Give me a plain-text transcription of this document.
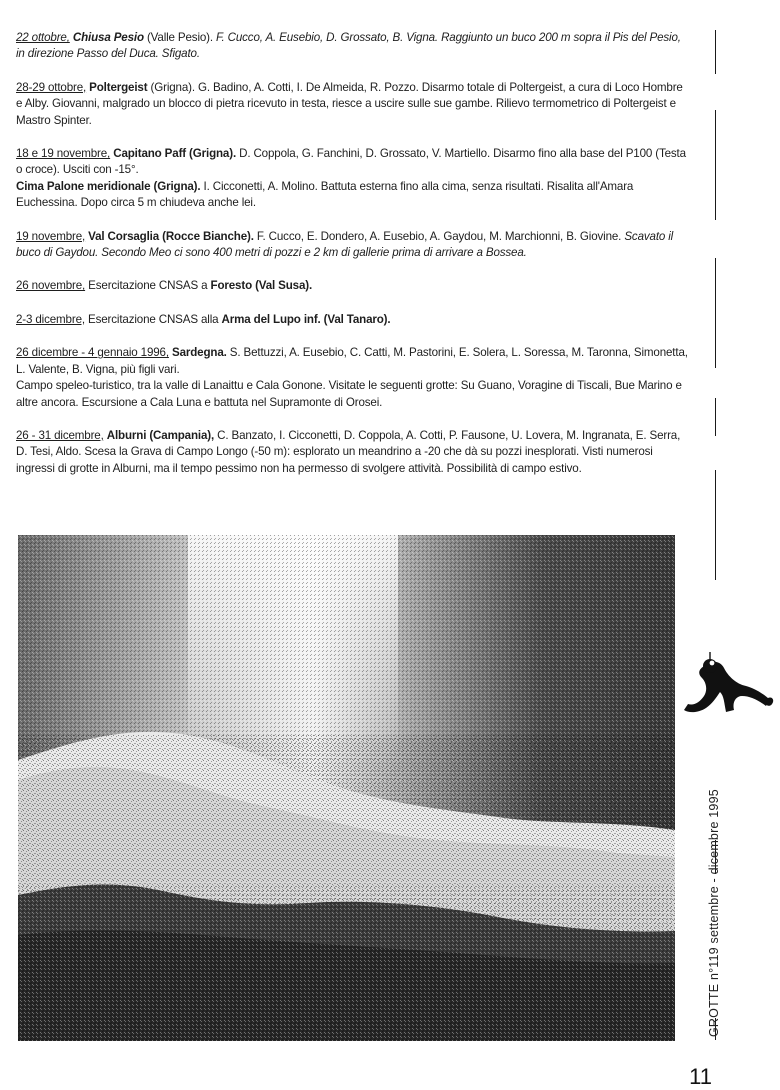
22 ottobre, Chiusa Pesio (Valle Pesio). F. Cucco, A. Eusebio, D. Grossato, B. Vigna. Raggiunto un buco 200 m sopra il Pis del Pesio, in direzione Passo del Duca. Sfigato.

28-29 ottobre, Poltergeist (Grigna). G. Badino, A. Cotti, I. De Almeida, R. Pozzo. Disarmo totale di Poltergeist, a cura di Loco Hombre e Alby. Giovanni, malgrado un blocco di pietra ricevuto in testa, riesce a uscire sulle sue gambe. Rilievo termometrico di Poltergeist e Mastro Spinter.

18 e 19 novembre, Capitano Paff (Grigna). D. Coppola, G. Fanchini, D. Grossato, V. Martiello. Disarmo fino alla base del P100 (Testa o croce). Usciti con -15°.

Cima Palone meridionale (Grigna). I. Cicconetti, A. Molino. Battuta esterna fino alla cima, senza risultati. Risalita all'Amara Euchessina. Dopo circa 5 m chiudeva anche lei.

19 novembre, Val Corsaglia (Rocce Bianche). F. Cucco, E. Dondero, A. Eusebio, A. Gaydou, M. Marchionni, B. Giovine. Scavato il buco di Gaydou. Secondo Meo ci sono 400 metri di pozzi e 2 km di gallerie prima di arrivare a Bossea.

26 novembre, Esercitazione CNSAS a Foresto (Val Susa).

2-3 dicembre, Esercitazione CNSAS alla Arma del Lupo inf. (Val Tanaro).

26 dicembre - 4 gennaio 1996, Sardegna. S. Bettuzzi, A. Eusebio, C. Catti, M. Pastorini, E. Solera, L. Soressa, M. Taronna, Simonetta, L. Valente, B. Vigna, più figli vari.

Campo speleo-turistico, tra la valle di Lanaittu e Cala Gonone. Visitate le seguenti grotte: Su Guano, Voragine di Tiscali, Bue Marino e altre ancora. Escursione a Cala Luna e battuta nel Supramonte di Orosei.

26 - 31 dicembre, Alburni (Campania), C. Banzato, I. Cicconetti, D. Coppola, A. Cotti, P. Fausone, U. Lovera, M. Ingranata, E. Serra, D. Tesi, Aldo. Scesa la Grava di Campo Longo (-50 m): esplorato un meandrino a -20 che dà su pozzi inesplorati. Visti numerosi ingressi di grotte in Alburni, ma il tempo pessimo non ha permesso di svolgere attività. Possibilità di campo estivo.

GROTTE n°119 settembre - dicembre 1995
11
